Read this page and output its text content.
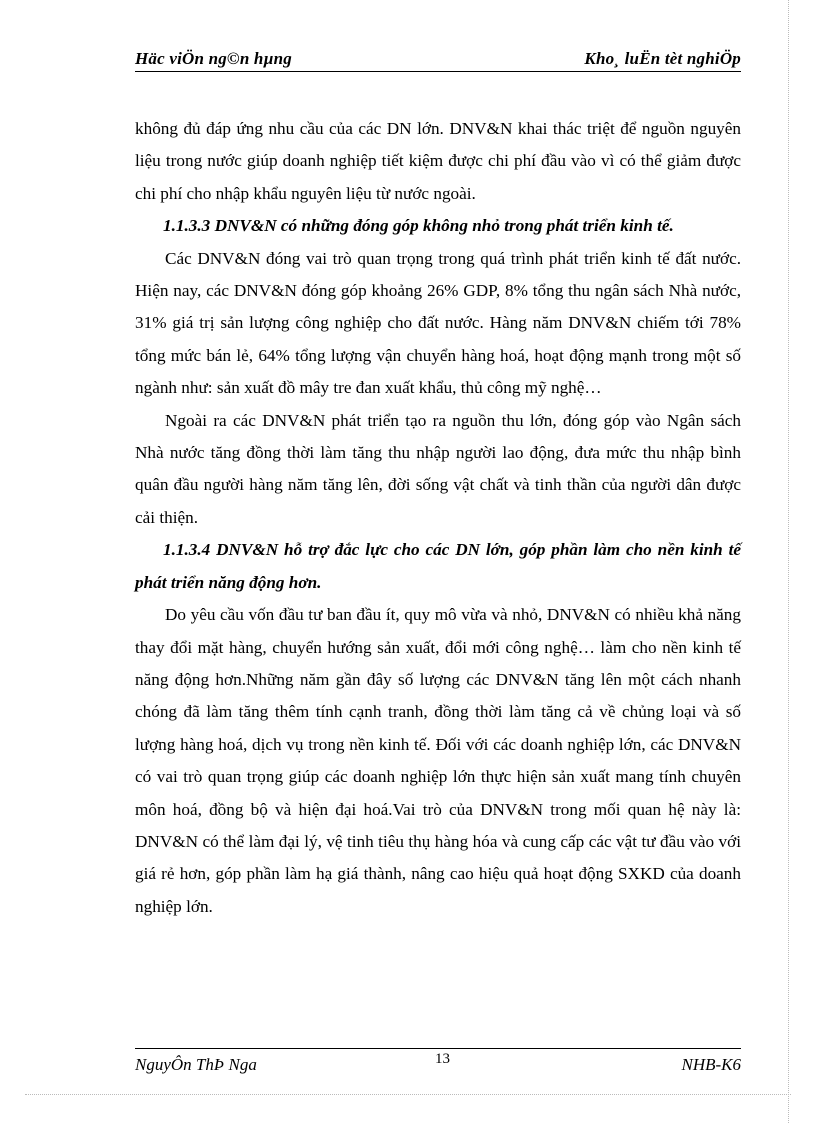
Häc viÖn ng©n hµng	Kho¸ luËn tèt nghiÖp

không đủ đáp ứng nhu cầu của các DN lớn. DNV&N khai thác triệt để nguồn nguyên liệu trong nước giúp doanh nghiệp tiết kiệm được chi phí đầu vào vì có thể giảm được chi phí cho nhập khẩu nguyên liệu từ nước ngoài.

1.1.3.3 DNV&N có những đóng góp không nhỏ trong phát triển kinh tế.

Các DNV&N đóng vai trò quan trọng trong quá trình phát triển kinh tế đất nước. Hiện nay, các DNV&N đóng góp khoảng 26% GDP, 8% tổng thu ngân sách Nhà nước, 31% giá trị sản lượng công nghiệp cho đất nước. Hàng năm DNV&N chiếm tới 78% tổng mức bán lẻ, 64% tổng lượng vận chuyển hàng hoá, hoạt động mạnh trong một số ngành như: sản xuất đồ mây tre đan xuất khẩu, thủ công mỹ nghệ…

Ngoài ra các DNV&N phát triển tạo ra nguồn thu lớn, đóng góp vào Ngân sách Nhà nước tăng đồng thời làm tăng thu nhập người lao động, đưa mức thu nhập bình quân đầu người hàng năm tăng lên, đời sống vật chất và tinh thần của người dân được cải thiện.

1.1.3.4 DNV&N hỗ trợ đắc lực cho các DN lớn, góp phần làm cho nền kinh tế phát triển năng động hơn.

Do yêu cầu vốn đầu tư ban đầu ít, quy mô vừa và nhỏ, DNV&N có nhiều khả năng thay đổi mặt hàng, chuyển hướng sản xuất, đổi mới công nghệ… làm cho nền kinh tế năng động hơn.Những năm gần đây số lượng các DNV&N tăng lên một cách nhanh chóng đã làm tăng thêm tính cạnh tranh, đồng thời làm tăng cả về chủng loại và số lượng hàng hoá, dịch vụ trong nền kinh tế. Đối với các doanh nghiệp lớn, các DNV&N có vai trò quan trọng giúp các doanh nghiệp lớn thực hiện sản xuất mang tính chuyên môn hoá, đồng bộ và hiện đại hoá.Vai trò của DNV&N trong mối quan hệ này là: DNV&N có thể làm đại lý, vệ tinh tiêu thụ hàng hóa và cung cấp các vật tư đầu vào với giá rẻ hơn, góp phần làm hạ giá thành, nâng cao hiệu quả hoạt động SXKD của doanh nghiệp lớn.

NguyÔn ThÞ Nga	13	NHB-K6
